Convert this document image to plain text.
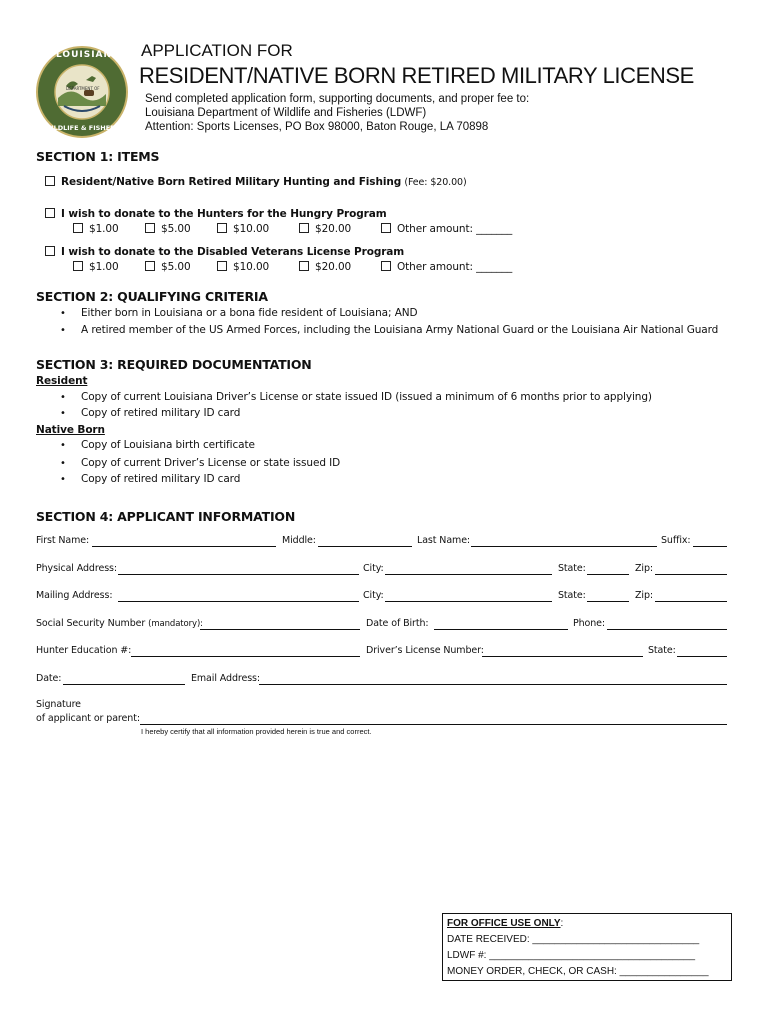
LOUISIANA
DEPARTMENT OF
WILDLIFE & FISHERIES
APPLICATION FOR
RESIDENT/NATIVE BORN RETIRED MILITARY LICENSE
Send completed application form, supporting documents, and proper fee to:
Louisiana Department of Wildlife and Fisheries (LDWF)
Attention: Sports Licenses, PO Box 98000, Baton Rouge, LA 70898
SECTION 1: ITEMS
Resident/Native Born Retired Military Hunting and Fishing (Fee: $20.00)
I wish to donate to the Hunters for the Hungry Program
$1.00	$5.00	$10.00	$20.00	Other amount: _______
I wish to donate to the Disabled Veterans License Program
$1.00	$5.00	$10.00	$20.00	Other amount: _______
SECTION 2: QUALIFYING CRITERIA
• Either born in Louisiana or a bona fide resident of Louisiana; AND
• A retired member of the US Armed Forces, including the Louisiana Army National Guard or the Louisiana Air National Guard
SECTION 3: REQUIRED DOCUMENTATION
Resident
• Copy of current Louisiana Driver’s License or state issued ID (issued a minimum of 6 months prior to applying)
• Copy of retired military ID card
Native Born
• Copy of Louisiana birth certificate
• Copy of current Driver’s License or state issued ID
• Copy of retired military ID card
SECTION 4: APPLICANT INFORMATION
First Name:	Middle:	Last Name:	Suffix:
Physical Address:	City:	State:	Zip:
Mailing Address:	City:	State:	Zip:
Social Security Number (mandatory):	Date of Birth:	Phone:
Hunter Education #:	Driver’s License Number:	State:
Date:	Email Address:
Signature
of applicant or parent:
I hereby certify that all information provided herein is true and correct.
FOR OFFICE USE ONLY:
DATE RECEIVED: ______________________________
LDWF #: _____________________________________
MONEY ORDER, CHECK, OR CASH: ________________
